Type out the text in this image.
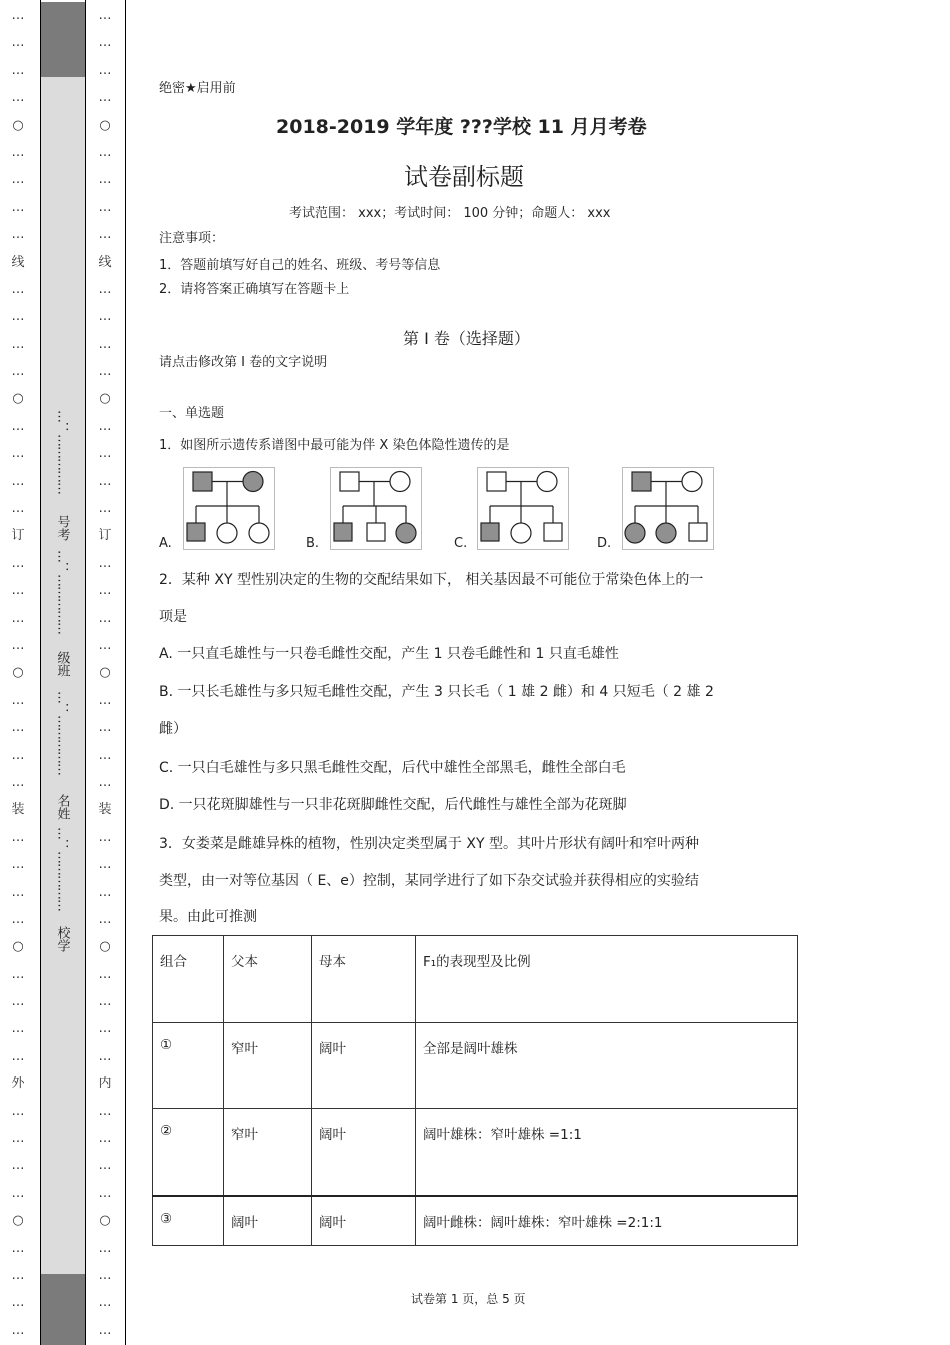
…
…
…
…
○
…
…
…
…
线
…
…
…
…
○
…
…
…
…
订
…
…
…
…
○
…
…
…
…
装
…
…
…
…
○
…
…
…
…
外
…
…
…
…
○
…
…
…
…
…
…
…
…
○
…
…
…
…
线
…
…
…
…
○
…
…
…
…
订
…
…
…
…
○
…
…
…
…
装
…
…
…
…
○
…
…
…
…
内
…
…
…
…
○
…
…
…
…
…：…………… 号考
…：…………… 级班
…：…………… 名姓
…：…………… 校学
绝密★启用前
2018-2019 学年度 ???学校 11 月月考卷
试卷副标题
考试范围： xxx；考试时间： 100 分钟；命题人： xxx
注意事项：
1．答题前填写好自己的姓名、班级、考号等信息
2．请将答案正确填写在答题卡上
第 I 卷（选择题）
请点击修改第 I 卷的文字说明
一、单选题
1．如图所示遗传系谱图中最可能为伴 X 染色体隐性遗传的是
A.	B.	C.	D.
2．某种 XY 型性别决定的生物的交配结果如下， 相关基因最不可能位于常染色体上的一
项是
A. 一只直毛雄性与一只卷毛雌性交配，产生 1 只卷毛雌性和 1 只直毛雄性
B. 一只长毛雄性与多只短毛雌性交配，产生 3 只长毛（ 1 雄 2 雌）和 4 只短毛（ 2 雄 2
雌）
C. 一只白毛雄性与多只黑毛雌性交配，后代中雄性全部黑毛，雌性全部白毛
D. 一只花斑脚雄性与一只非花斑脚雌性交配，后代雌性与雄性全部为花斑脚
3．女娄菜是雌雄异株的植物，性别决定类型属于 XY 型。其叶片形状有阔叶和窄叶两种
类型，由一对等位基因（ E、e）控制，某同学进行了如下杂交试验并获得相应的实验结
果。由此可推测
组合	父本	母本	F₁的表现型及比例
①	窄叶	阔叶	全部是阔叶雄株
②	窄叶	阔叶	阔叶雄株：窄叶雄株 =1:1
③	阔叶	阔叶	阔叶雌株：阔叶雄株：窄叶雄株 =2:1:1
试卷第 1 页，总 5 页
